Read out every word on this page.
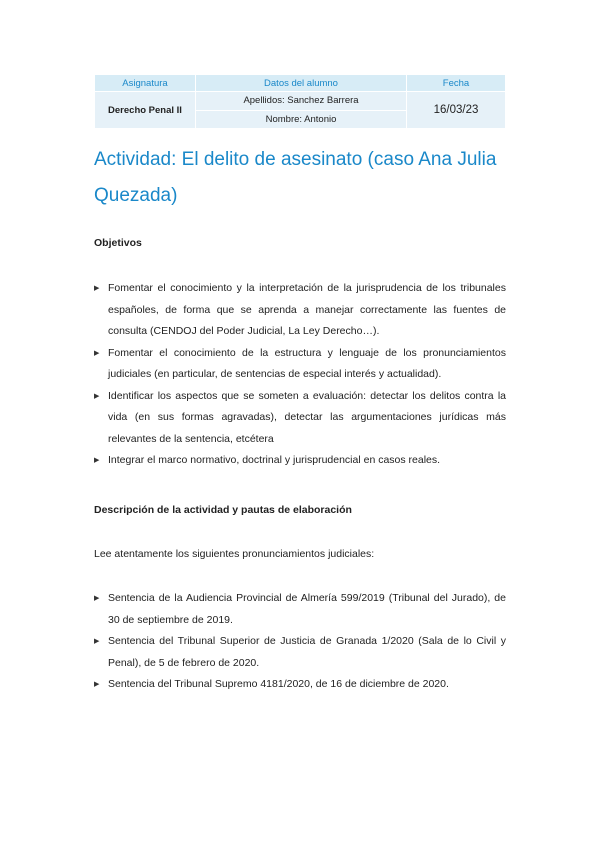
Asignatura	Datos del alumno	Fecha
Derecho Penal II	Apellidos: Sanchez Barrera	16/03/23
	Nombre: Antonio	
Actividad: El delito de asesinato (caso Ana Julia Quezada)
Objetivos
▶ Fomentar el conocimiento y la interpretación de la jurisprudencia de los tribunales españoles, de forma que se aprenda a manejar correctamente las fuentes de consulta (CENDOJ del Poder Judicial, La Ley Derecho…).
▶ Fomentar el conocimiento de la estructura y lenguaje de los pronunciamientos judiciales (en particular, de sentencias de especial interés y actualidad).
▶ Identificar los aspectos que se someten a evaluación: detectar los delitos contra la vida (en sus formas agravadas), detectar las argumentaciones jurídicas más relevantes de la sentencia, etcétera
▶ Integrar el marco normativo, doctrinal y jurisprudencial en casos reales.
Descripción de la actividad y pautas de elaboración

Lee atentamente los siguientes pronunciamientos judiciales:

▶ Sentencia de la Audiencia Provincial de Almería 599/2019 (Tribunal del Jurado), de 30 de septiembre de 2019.
▶ Sentencia del Tribunal Superior de Justicia de Granada 1/2020 (Sala de lo Civil y Penal), de 5 de febrero de 2020.
▶ Sentencia del Tribunal Supremo 4181/2020, de 16 de diciembre de 2020.
